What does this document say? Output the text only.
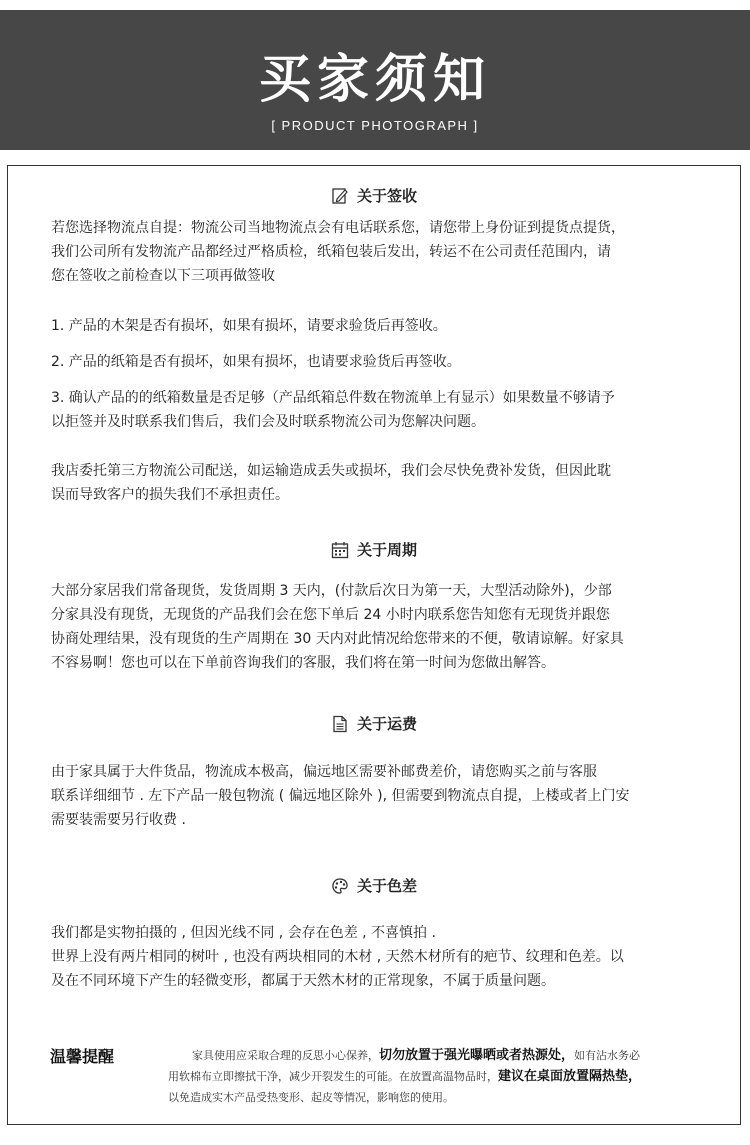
买家须知
[ PRODUCT PHOTOGRAPH ]
关于签收

若您选择物流点自提：物流公司当地物流点会有电话联系您，请您带上身份证到提货点提货，
我们公司所有发物流产品都经过严格质检，纸箱包装后发出，转运不在公司责任范围内，请
您在签收之前检查以下三项再做签收

1. 产品的木架是否有损坏，如果有损坏，请要求验货后再签收。

2. 产品的纸箱是否有损坏，如果有损坏，也请要求验货后再签收。

3. 确认产品的的纸箱数量是否足够（产品纸箱总件数在物流单上有显示）如果数量不够请予
以拒签并及时联系我们售后，我们会及时联系物流公司为您解决问题。

我店委托第三方物流公司配送，如运输造成丢失或损坏，我们会尽快免费补发货，但因此耽
误而导致客户的损失我们不承担责任。

关于周期

大部分家居我们常备现货，发货周期 3 天内，(付款后次日为第一天，大型活动除外)，少部
分家具没有现货，无现货的产品我们会在您下单后 24 小时内联系您告知您有无现货并跟您
协商处理结果，没有现货的生产周期在 30 天内对此情况给您带来的不便，敬请谅解。好家具
不容易啊！您也可以在下单前咨询我们的客服，我们将在第一时间为您做出解答。

关于运费

由于家具属于大件货品，物流成本极高，偏远地区需要补邮费差价，请您购买之前与客服
联系详细细节 . 左下产品一般包物流 ( 偏远地区除外 ), 但需要到物流点自提，上楼或者上门安
需要装需要另行收费 .

关于色差

我们都是实物拍摄的 , 但因光线不同 , 会存在色差 , 不喜慎拍 .
世界上没有两片相同的树叶 , 也没有两块相同的木材 , 天然木材所有的疤节、纹理和色差。以
及在不同环境下产生的轻微变形，都属于天然木材的正常现象，不属于质量问题。

温馨提醒	家具使用应采取合理的反思小心保养，切勿放置于强光曝晒或者热源处，如有沾水务必
用软棉布立即擦拭干净，减少开裂发生的可能。在放置高温物品时，建议在桌面放置隔热垫，
以免造成实木产品受热变形、起皮等情况，影响您的使用。
